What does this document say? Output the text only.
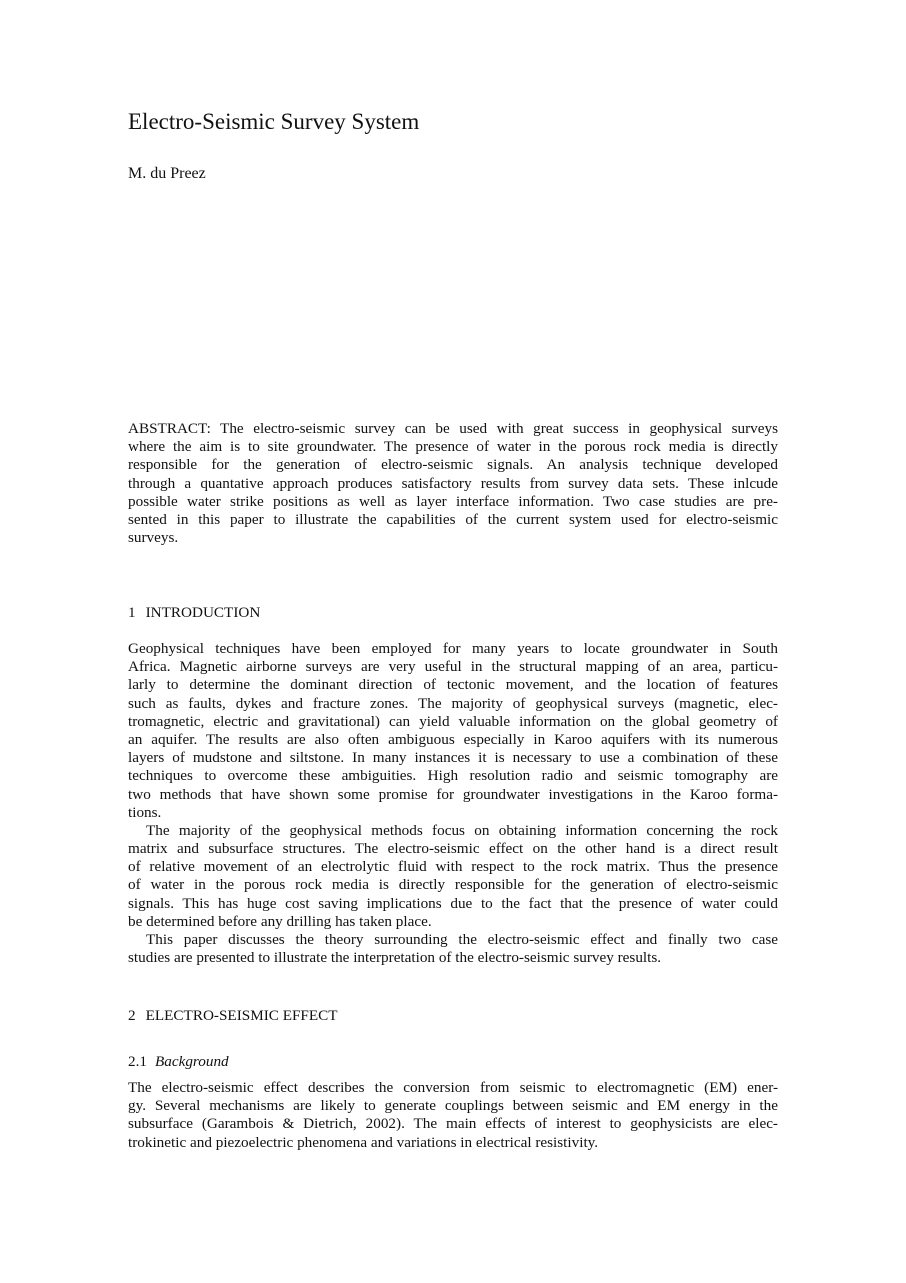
Electro-Seismic Survey System
M. du Preez
ABSTRACT: The electro-seismic survey can be used with great success in geophysical surveys
where the aim is to site groundwater. The presence of water in the porous rock media is directly
responsible for the generation of electro-seismic signals. An analysis technique developed
through a quantative approach produces satisfactory results from survey data sets. These inlcude
possible water strike positions as well as layer interface information. Two case studies are pre-
sented in this paper to illustrate the capabilities of the current system used for electro-seismic
surveys.
1 INTRODUCTION
Geophysical techniques have been employed for many years to locate groundwater in South
Africa. Magnetic airborne surveys are very useful in the structural mapping of an area, particu-
larly to determine the dominant direction of tectonic movement, and the location of features
such as faults, dykes and fracture zones. The majority of geophysical surveys (magnetic, elec-
tromagnetic, electric and gravitational) can yield valuable information on the global geometry of
an aquifer. The results are also often ambiguous especially in Karoo aquifers with its numerous
layers of mudstone and siltstone. In many instances it is necessary to use a combination of these
techniques to overcome these ambiguities. High resolution radio and seismic tomography are
two methods that have shown some promise for groundwater investigations in the Karoo forma-
tions.
The majority of the geophysical methods focus on obtaining information concerning the rock
matrix and subsurface structures. The electro-seismic effect on the other hand is a direct result
of relative movement of an electrolytic fluid with respect to the rock matrix. Thus the presence
of water in the porous rock media is directly responsible for the generation of electro-seismic
signals. This has huge cost saving implications due to the fact that the presence of water could
be determined before any drilling has taken place.
This paper discusses the theory surrounding the electro-seismic effect and finally two case
studies are presented to illustrate the interpretation of the electro-seismic survey results.
2 ELECTRO-SEISMIC EFFECT
2.1 Background
The electro-seismic effect describes the conversion from seismic to electromagnetic (EM) ener-
gy. Several mechanisms are likely to generate couplings between seismic and EM energy in the
subsurface (Garambois & Dietrich, 2002). The main effects of interest to geophysicists are elec-
trokinetic and piezoelectric phenomena and variations in electrical resistivity.
